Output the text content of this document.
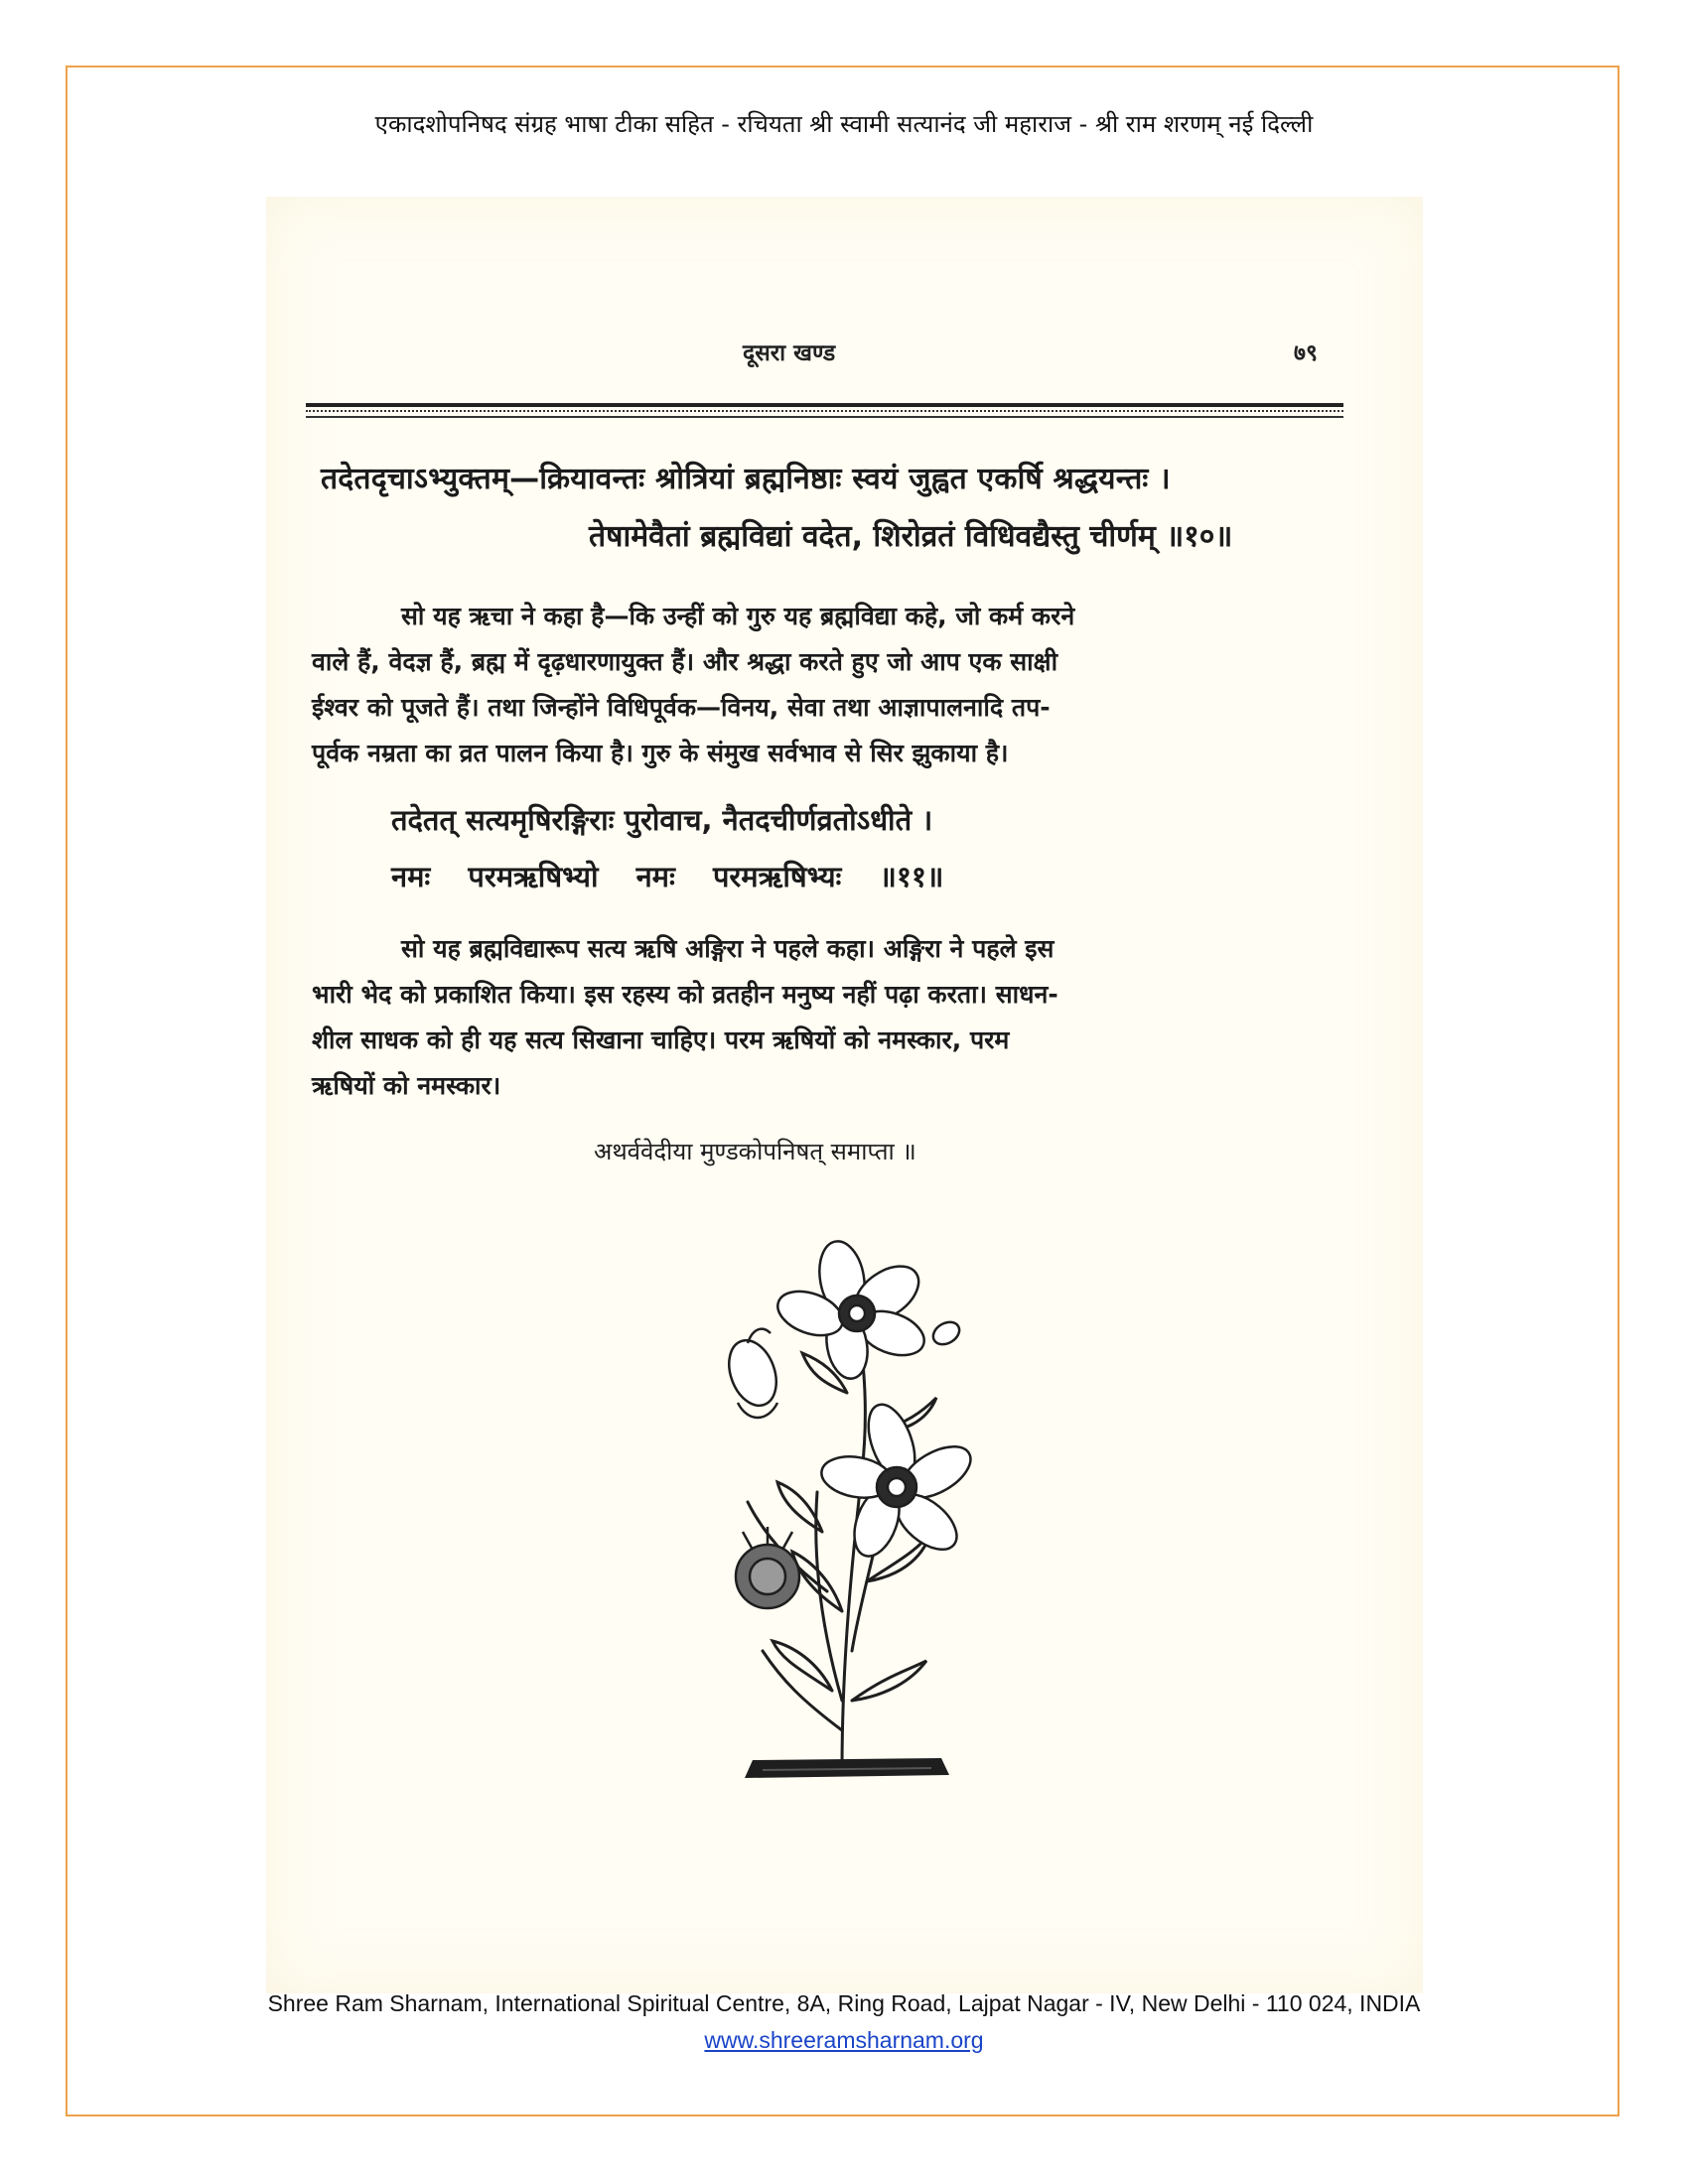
एकादशोपनिषद संग्रह भाषा टीका सहित - रचियता श्री स्वामी सत्यानंद जी महाराज - श्री राम शरणम् नई दिल्ली
दूसरा खण्ड	७९
तदेतदृचाऽभ्युक्तम्—क्रियावन्तः श्रोत्रियां ब्रह्मनिष्ठाः स्वयं जुह्वत एकर्षि श्रद्धयन्तः ।
तेषामेवैतां ब्रह्मविद्यां वदेत, शिरोव्रतं विधिवद्यैस्तु चीर्णम् ॥१०॥
सो यह ऋचा ने कहा है—कि उन्हीं को गुरु यह ब्रह्मविद्या कहे, जो कर्म करने
वाले हैं, वेदज्ञ हैं, ब्रह्म में दृढ़धारणायुक्त हैं। और श्रद्धा करते हुए जो आप एक साक्षी
ईश्वर को पूजते हैं। तथा जिन्होंने विधिपूर्वक—विनय, सेवा तथा आज्ञापालनादि तप-
पूर्वक नम्रता का व्रत पालन किया है। गुरु के संमुख सर्वभाव से सिर झुकाया है।
तदेतत् सत्यमृषिरङ्गिराः पुरोवाच, नैतदचीर्णव्रतोऽधीते ।
नमः परमऋषिभ्यो नमः परमऋषिभ्यः ॥११॥
सो यह ब्रह्मविद्यारूप सत्य ऋषि अङ्गिरा ने पहले कहा। अङ्गिरा ने पहले इस
भारी भेद को प्रकाशित किया। इस रहस्य को व्रतहीन मनुष्य नहीं पढ़ा करता। साधन-
शील साधक को ही यह सत्य सिखाना चाहिए। परम ऋषियों को नमस्कार, परम
ऋषियों को नमस्कार।
अथर्ववेदीया मुण्डकोपनिषत् समाप्ता ॥
Shree Ram Sharnam, International Spiritual Centre, 8A, Ring Road, Lajpat Nagar - IV, New Delhi - 110 024, INDIA
www.shreeramsharnam.org
